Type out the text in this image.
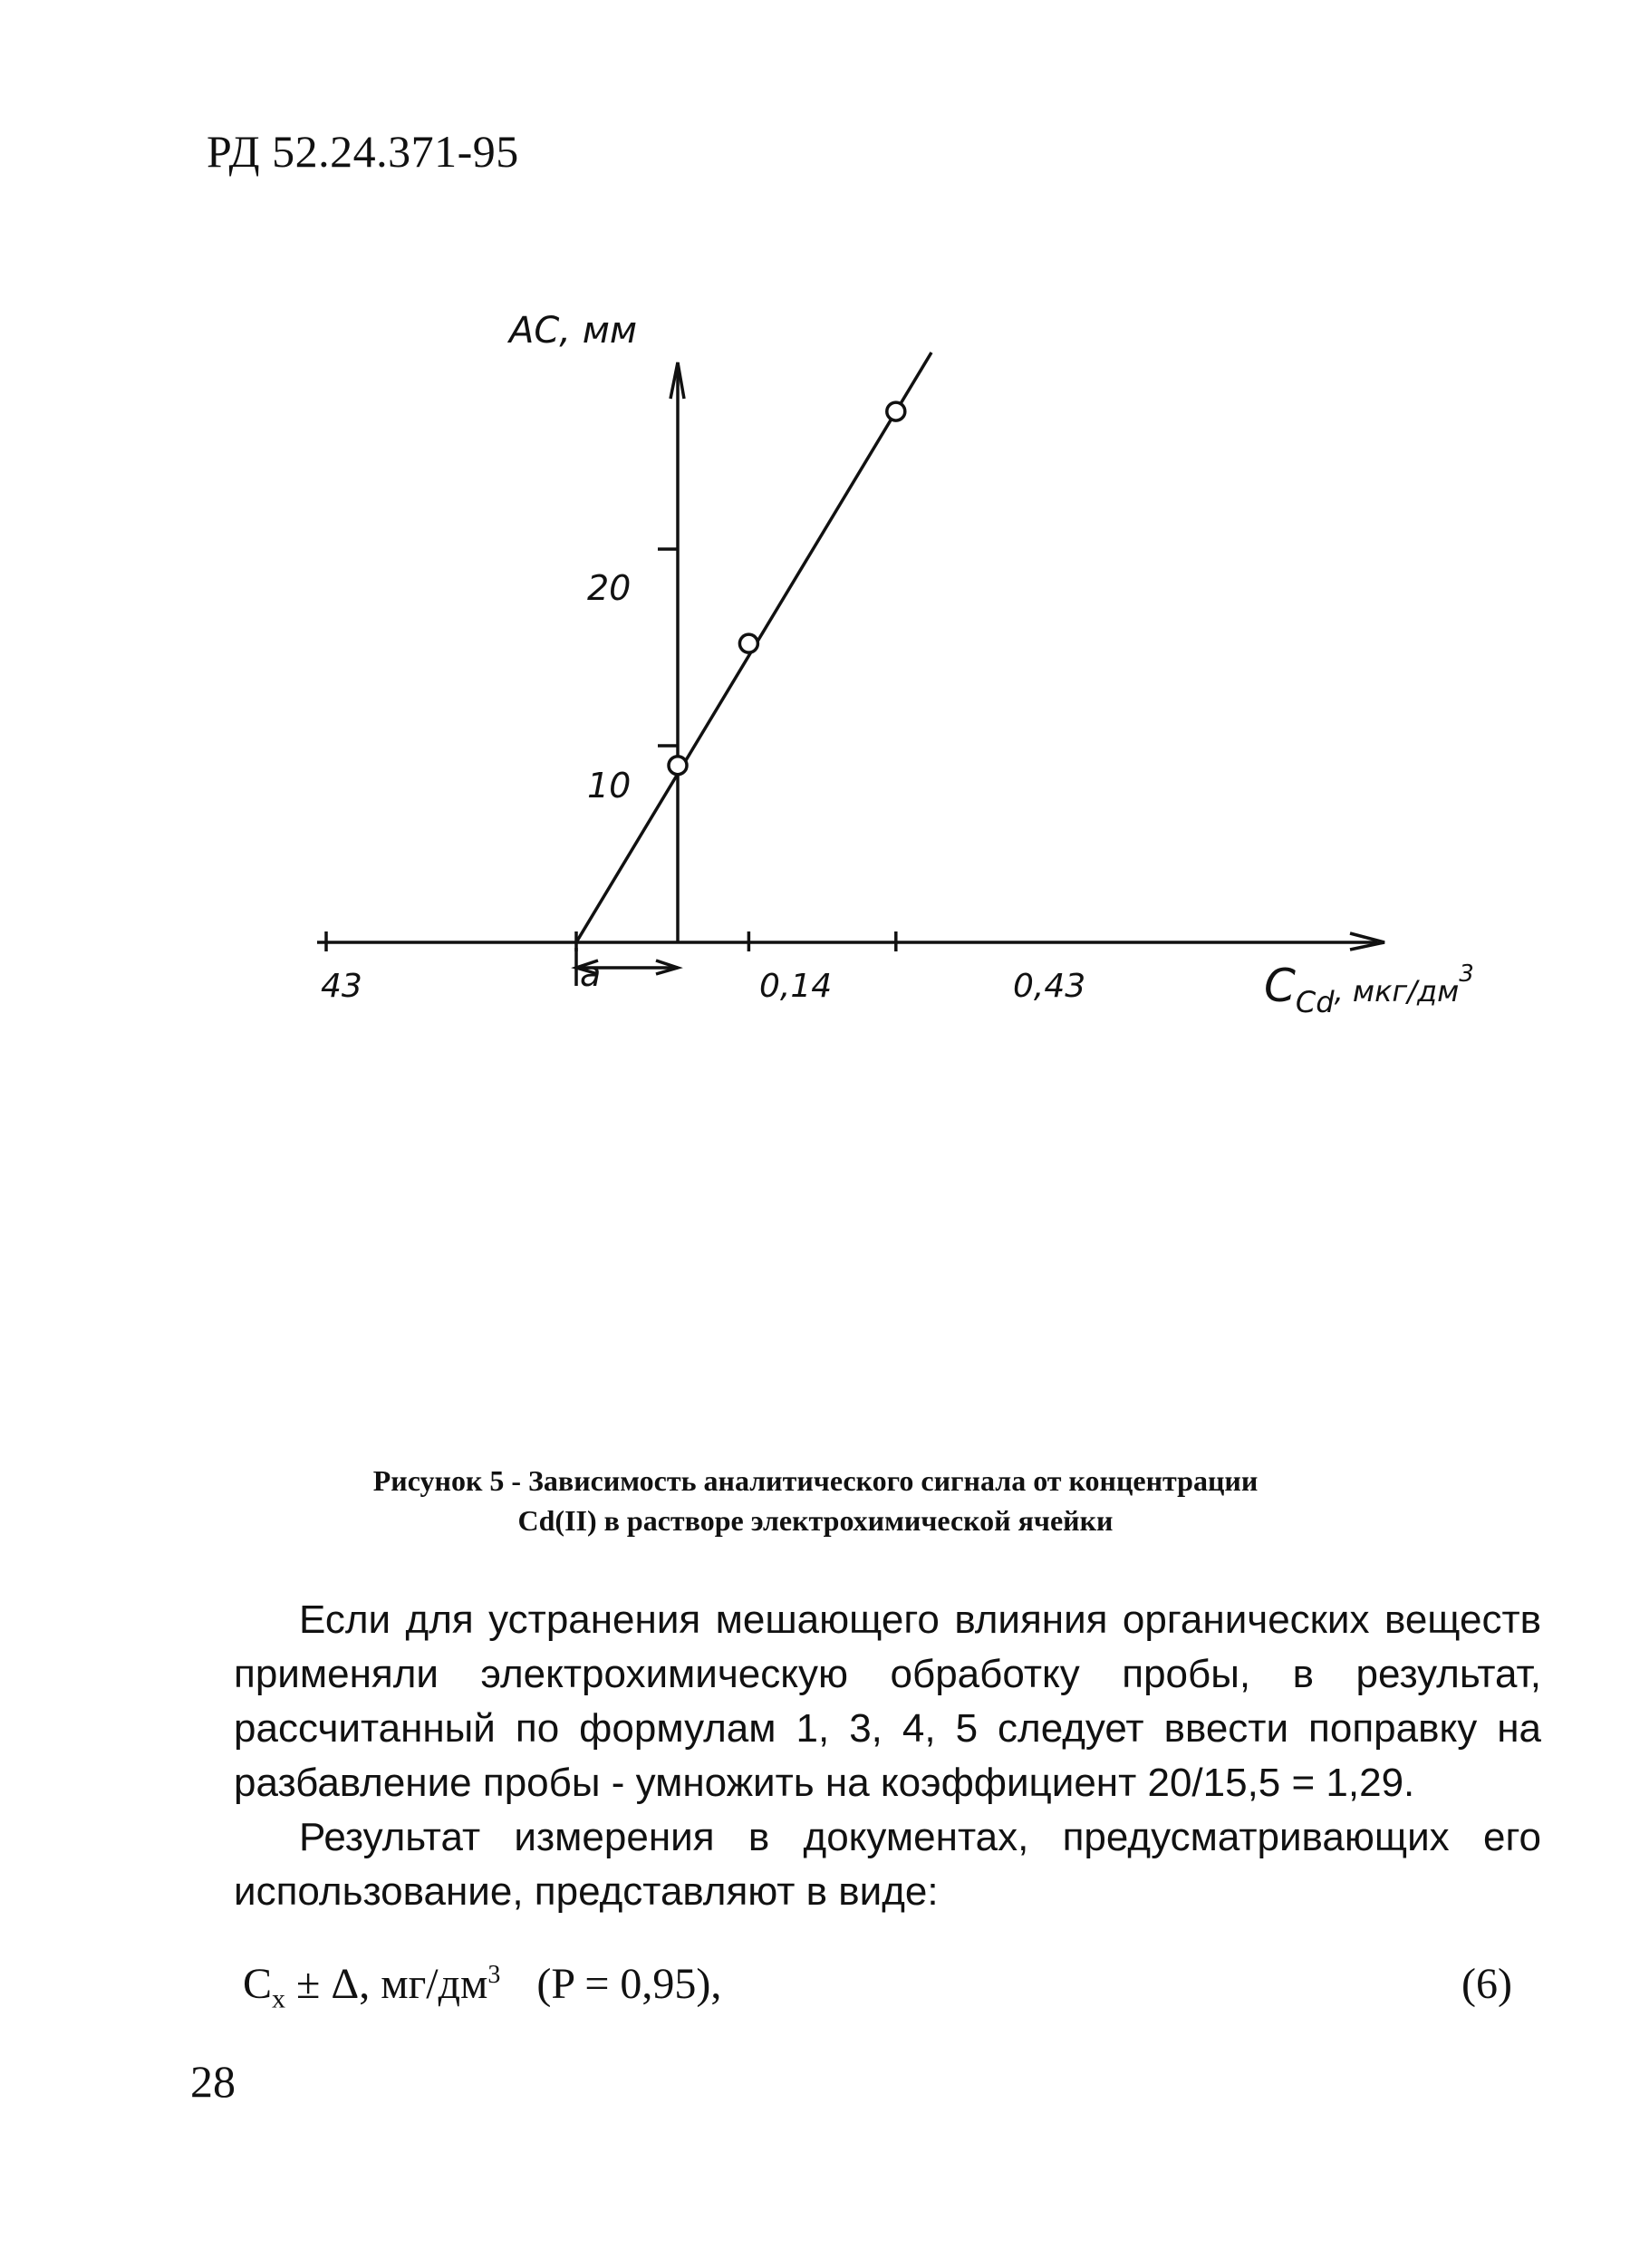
РД 52.24.371-95
АС, мм
$C_{Cd}^{, мкг/дм3}$
43	0,14	0,43
10
20
а
Рисунок 5 - Зависимость аналитического сигнала от концентрации
Cd(II) в растворе электрохимической ячейки
Если для устранения мешающего влияния органических веществ применяли электрохимическую обработку пробы, в результат, рассчитанный по формулам 1, 3, 4, 5 следует ввести поправку на разбавление пробы - умножить на коэффициент 20/15,5 = 1,29.
Результат измерения в документах, предусматривающих его использование, представляют в виде:
$C_x \pm \Delta$, $мг/дм^3$ (P = 0,95),	(6)
28
